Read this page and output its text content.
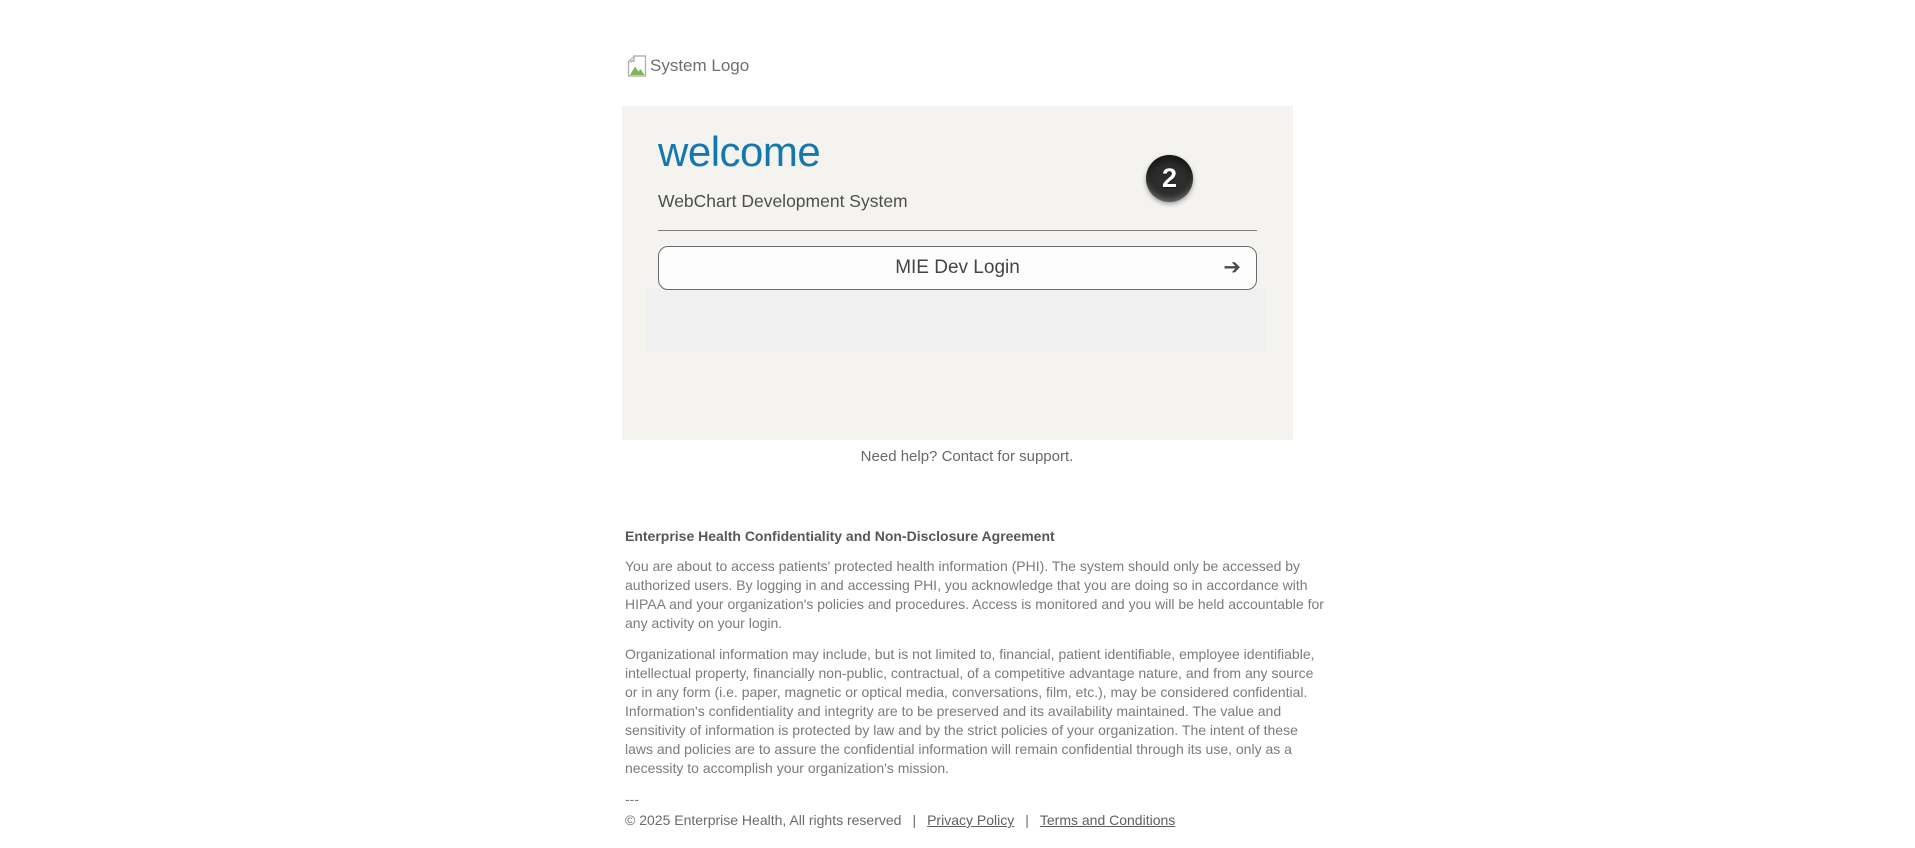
System Logo
welcome
2
WebChart Development System
MIE Dev Login	➔
Need help? Contact for support.
Enterprise Health Confidentiality and Non-Disclosure Agreement

You are about to access patients' protected health information (PHI). The system should only be accessed by authorized users. By logging in and accessing PHI, you acknowledge that you are doing so in accordance with HIPAA and your organization's policies and procedures. Access is monitored and you will be held accountable for any activity on your login.

Organizational information may include, but is not limited to, financial, patient identifiable, employee identifiable, intellectual property, financially non-public, contractual, of a competitive advantage nature, and from any source or in any form (i.e. paper, magnetic or optical media, conversations, film, etc.), may be considered confidential. Information's confidentiality and integrity are to be preserved and its availability maintained. The value and sensitivity of information is protected by law and by the strict policies of your organization. The intent of these laws and policies are to assure the confidential information will remain confidential through its use, only as a necessity to accomplish your organization's mission.

---

© 2025 Enterprise Health, All rights reserved | Privacy Policy | Terms and Conditions
